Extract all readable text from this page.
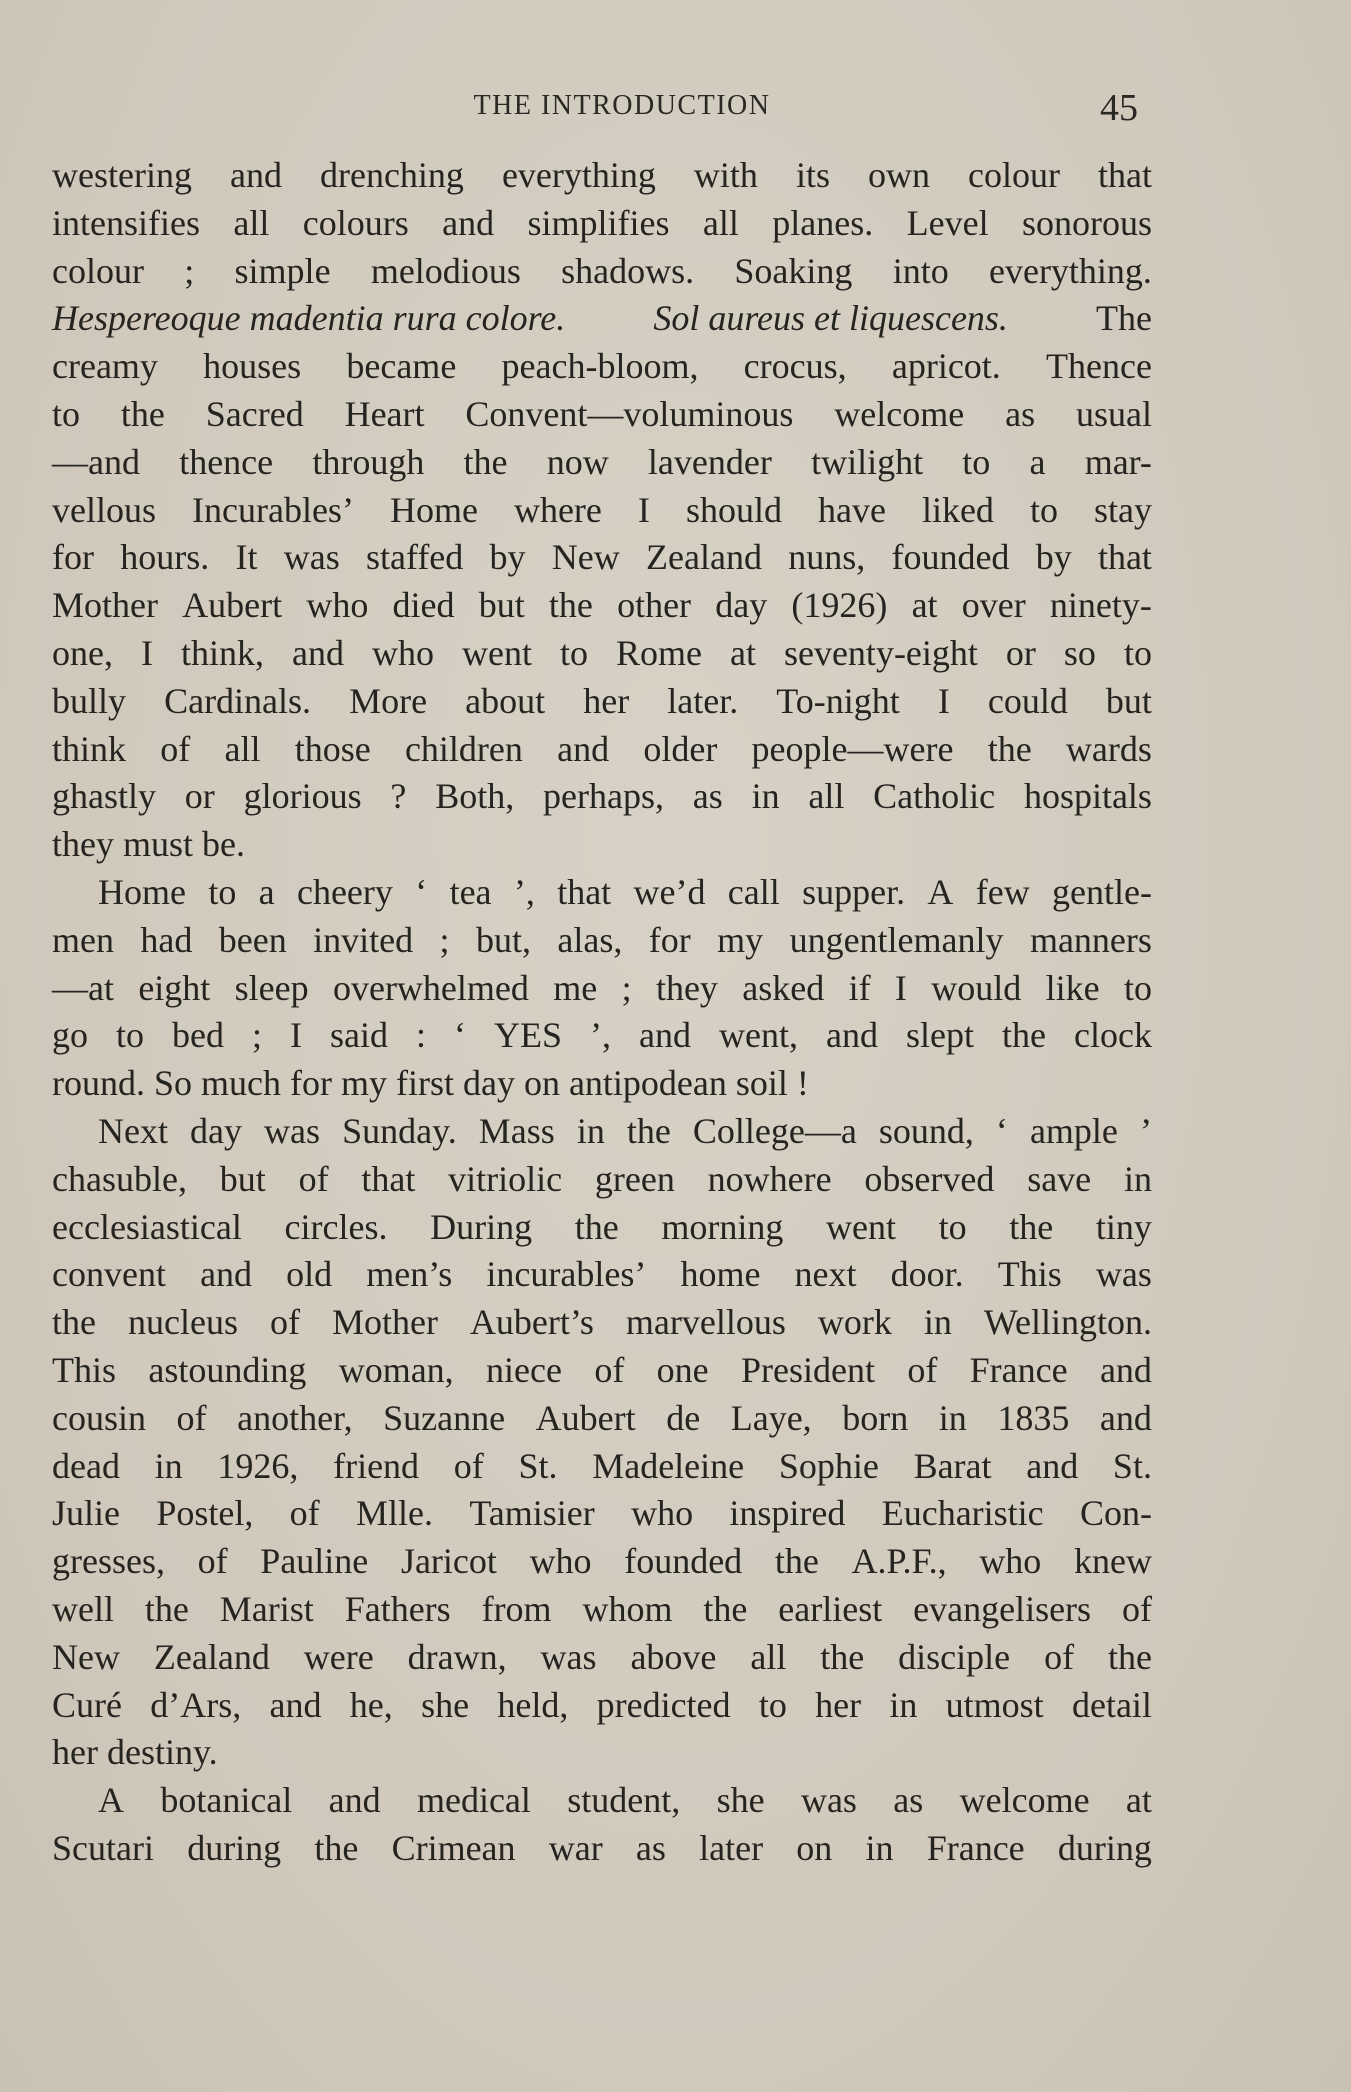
THE INTRODUCTION	45
westering and drenching everything with its own colour that
intensifies all colours and simplifies all planes. Level sonorous
colour ; simple melodious shadows. Soaking into everything.
Hespereoque madentia rura colore. Sol aureus et liquescens. The
creamy houses became peach-bloom, crocus, apricot. Thence
to the Sacred Heart Convent—voluminous welcome as usual
—and thence through the now lavender twilight to a mar-
vellous Incurables’ Home where I should have liked to stay
for hours. It was staffed by New Zealand nuns, founded by that
Mother Aubert who died but the other day (1926) at over ninety-
one, I think, and who went to Rome at seventy-eight or so to
bully Cardinals. More about her later. To-night I could but
think of all those children and older people—were the wards
ghastly or glorious ? Both, perhaps, as in all Catholic hospitals
they must be.
Home to a cheery ‘ tea ’, that we’d call supper. A few gentle-
men had been invited ; but, alas, for my ungentlemanly manners
—at eight sleep overwhelmed me ; they asked if I would like to
go to bed ; I said : ‘ YES ’, and went, and slept the clock
round. So much for my first day on antipodean soil !
Next day was Sunday. Mass in the College—a sound, ‘ ample ’
chasuble, but of that vitriolic green nowhere observed save in
ecclesiastical circles. During the morning went to the tiny
convent and old men’s incurables’ home next door. This was
the nucleus of Mother Aubert’s marvellous work in Wellington.
This astounding woman, niece of one President of France and
cousin of another, Suzanne Aubert de Laye, born in 1835 and
dead in 1926, friend of St. Madeleine Sophie Barat and St.
Julie Postel, of Mlle. Tamisier who inspired Eucharistic Con-
gresses, of Pauline Jaricot who founded the A.P.F., who knew
well the Marist Fathers from whom the earliest evangelisers of
New Zealand were drawn, was above all the disciple of the
Curé d’Ars, and he, she held, predicted to her in utmost detail
her destiny.
A botanical and medical student, she was as welcome at
Scutari during the Crimean war as later on in France during
